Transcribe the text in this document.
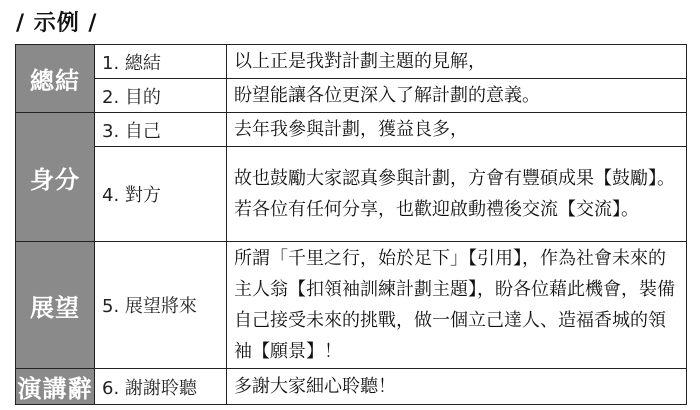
/ 示例 /
總結	1. 總結	以上正是我對計劃主題的見解，
	2. 目的	盼望能讓各位更深入了解計劃的意義。
身分	3. 自己	去年我參與計劃，獲益良多，
	4. 對方	故也鼓勵大家認真參與計劃，方會有豐碩成果【鼓勵】。若各位有任何分享，也歡迎啟動禮後交流【交流】。
展望	5. 展望將來	所謂「千里之行，始於足下」【引用】，作為社會未來的主人翁【扣領袖訓練計劃主題】，盼各位藉此機會，裝備自己接受未來的挑戰，做一個立己達人、造福香城的領袖【願景】！
演講辭	6. 謝謝聆聽	多謝大家細心聆聽！
